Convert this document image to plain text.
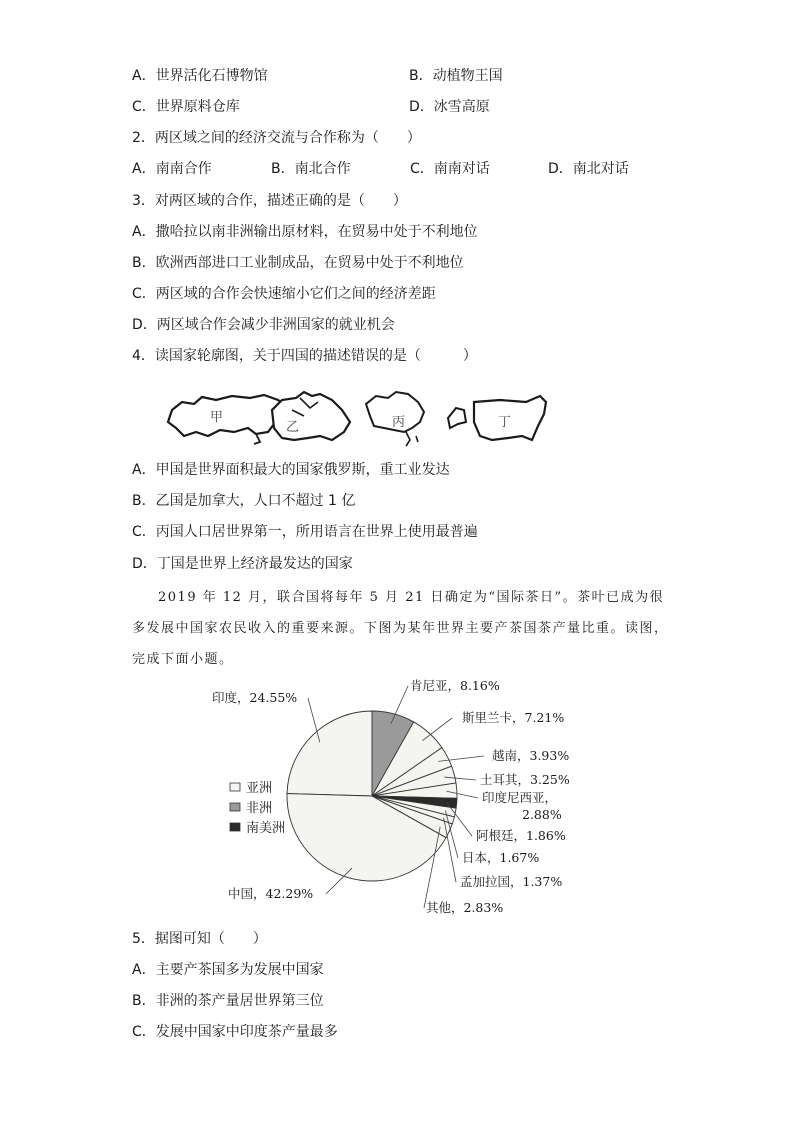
A．世界活化石博物馆	B．动植物王国
C．世界原料仓库	D．冰雪高原
2．两区域之间的经济交流与合作称为（　　）
A．南南合作	B．南北合作	C．南南对话	D．南北对话
3．对两区域的合作，描述正确的是（　　）
A．撒哈拉以南非洲输出原材料，在贸易中处于不利地位
B．欧洲西部进口工业制成品，在贸易中处于不利地位
C．两区域的合作会快速缩小它们之间的经济差距
D．两区域合作会减少非洲国家的就业机会
4．读国家轮廓图，关于四国的描述错误的是（　　　）
甲
乙	丙	丁
A．甲国是世界面积最大的国家俄罗斯，重工业发达
B．乙国是加拿大，人口不超过 1 亿
C．丙国人口居世界第一，所用语言在世界上使用最普遍
D．丁国是世界上经济最发达的国家
2019 年 12 月，联合国将每年 5 月 21 日确定为“国际茶日”。茶叶已成为很多发展中国家农民收入的重要来源。下图为某年世界主要产茶国茶产量比重。读图，完成下面小题。
印度，24.55%
肯尼亚，8.16%
斯里兰卡，7.21%
越南，3.93%
土耳其，3.25%
印度尼西亚，
2.88%
阿根廷，1.86%
日本，1.67%
孟加拉国，1.37%
其他，2.83%
中国，42.29%
亚洲
非洲
南美洲
5．据图可知（　　）
A．主要产茶国多为发展中国家
B．非洲的茶产量居世界第三位
C．发展中国家中印度茶产量最多
